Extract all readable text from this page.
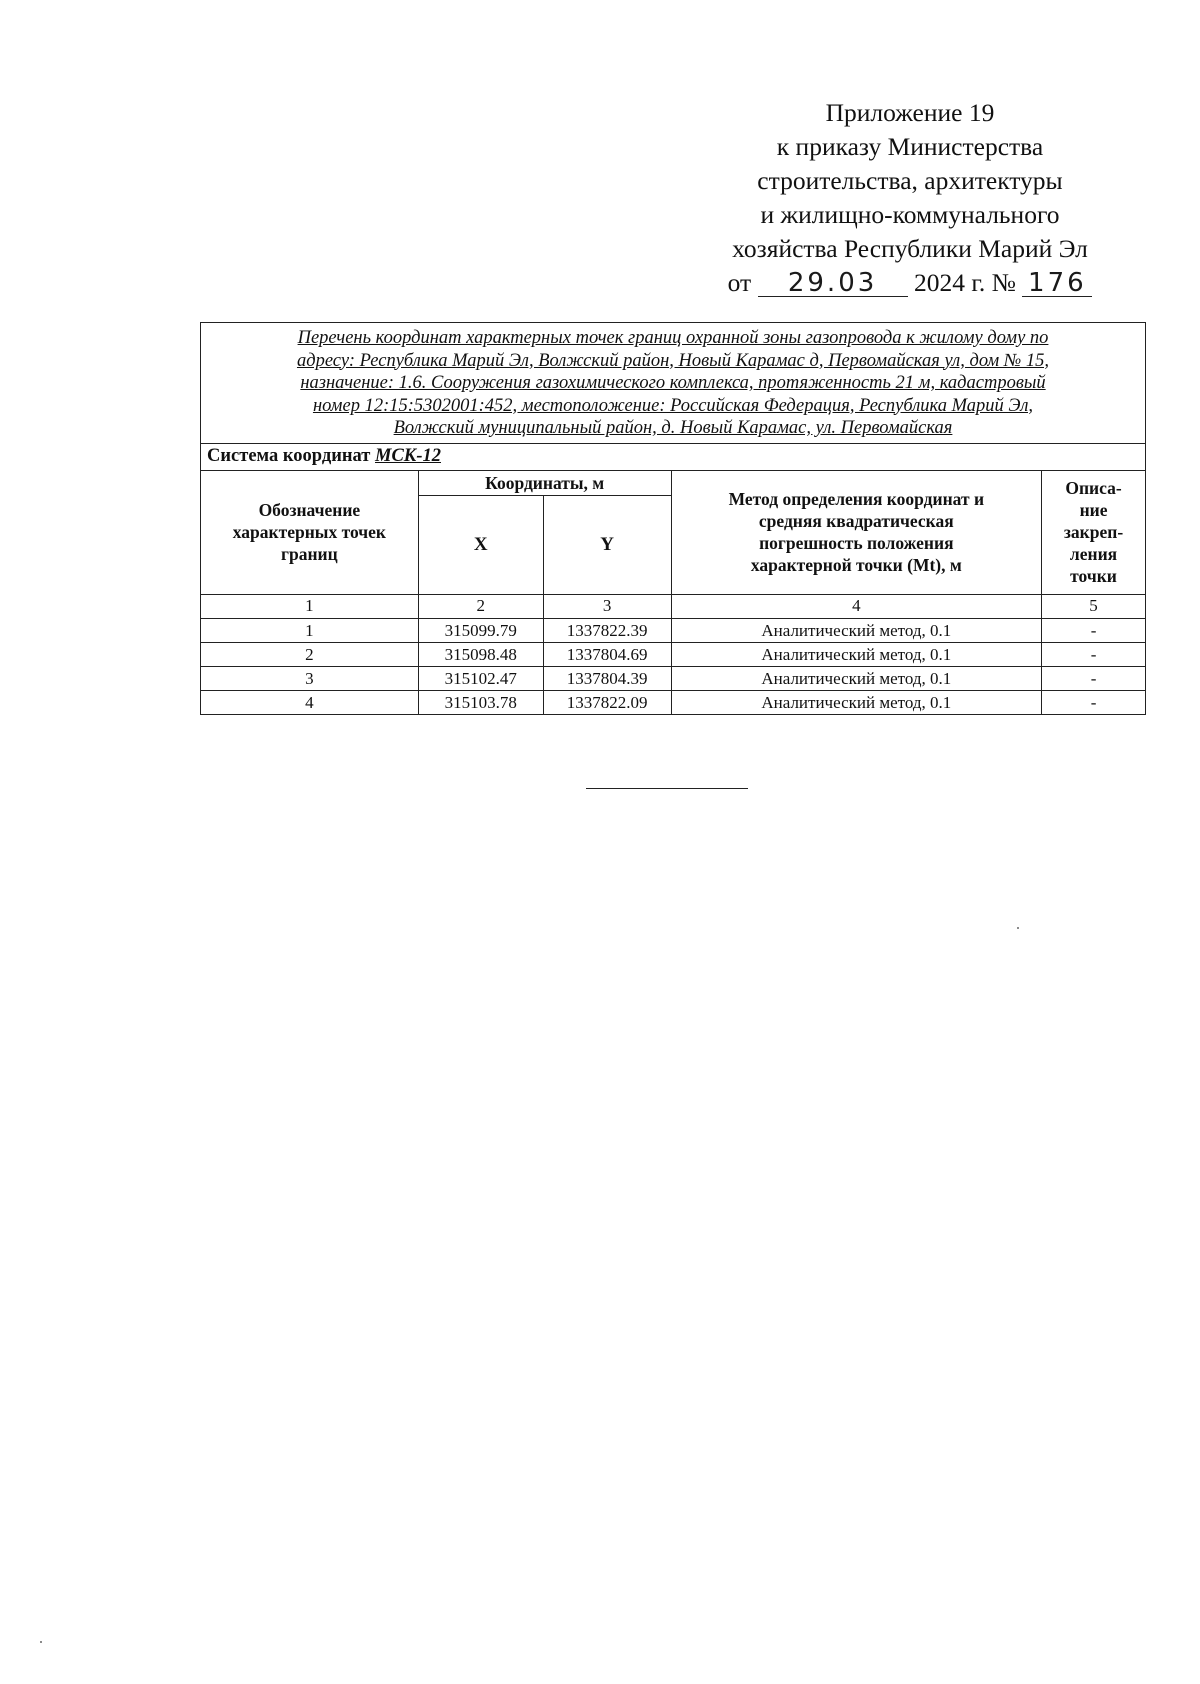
Приложение 19
к приказу Министерства
строительства, архитектуры
и жилищно-коммунального
хозяйства Республики Марий Эл
от 29.03 2024 г. № 176
Перечень координат характерных точек границ охранной зоны газопровода к жилому дому по
адресу: Республика Марий Эл, Волжский район, Новый Карамас д, Первомайская ул, дом № 15,
назначение: 1.6. Сооружения газохимического комплекса, протяженность 21 м, кадастровый
номер 12:15:5302001:452, местоположение: Российская Федерация, Республика Марий Эл,
Волжский муниципальный район, д. Новый Карамас, ул. Первомайская				
Система координат МСК-12				
Обозначение
характерных точек
границ	Координаты, м		Метод определения координат и
средняя квадратическая
погрешность положения
характерной точки (Mt), м	Описа-
ние
закреп-
ления
точки
	X	Y		
1	2	3	4	5
1	315099.79	1337822.39	Аналитический метод, 0.1	-
2	315098.48	1337804.69	Аналитический метод, 0.1	-
3	315102.47	1337804.39	Аналитический метод, 0.1	-
4	315103.78	1337822.09	Аналитический метод, 0.1	-
